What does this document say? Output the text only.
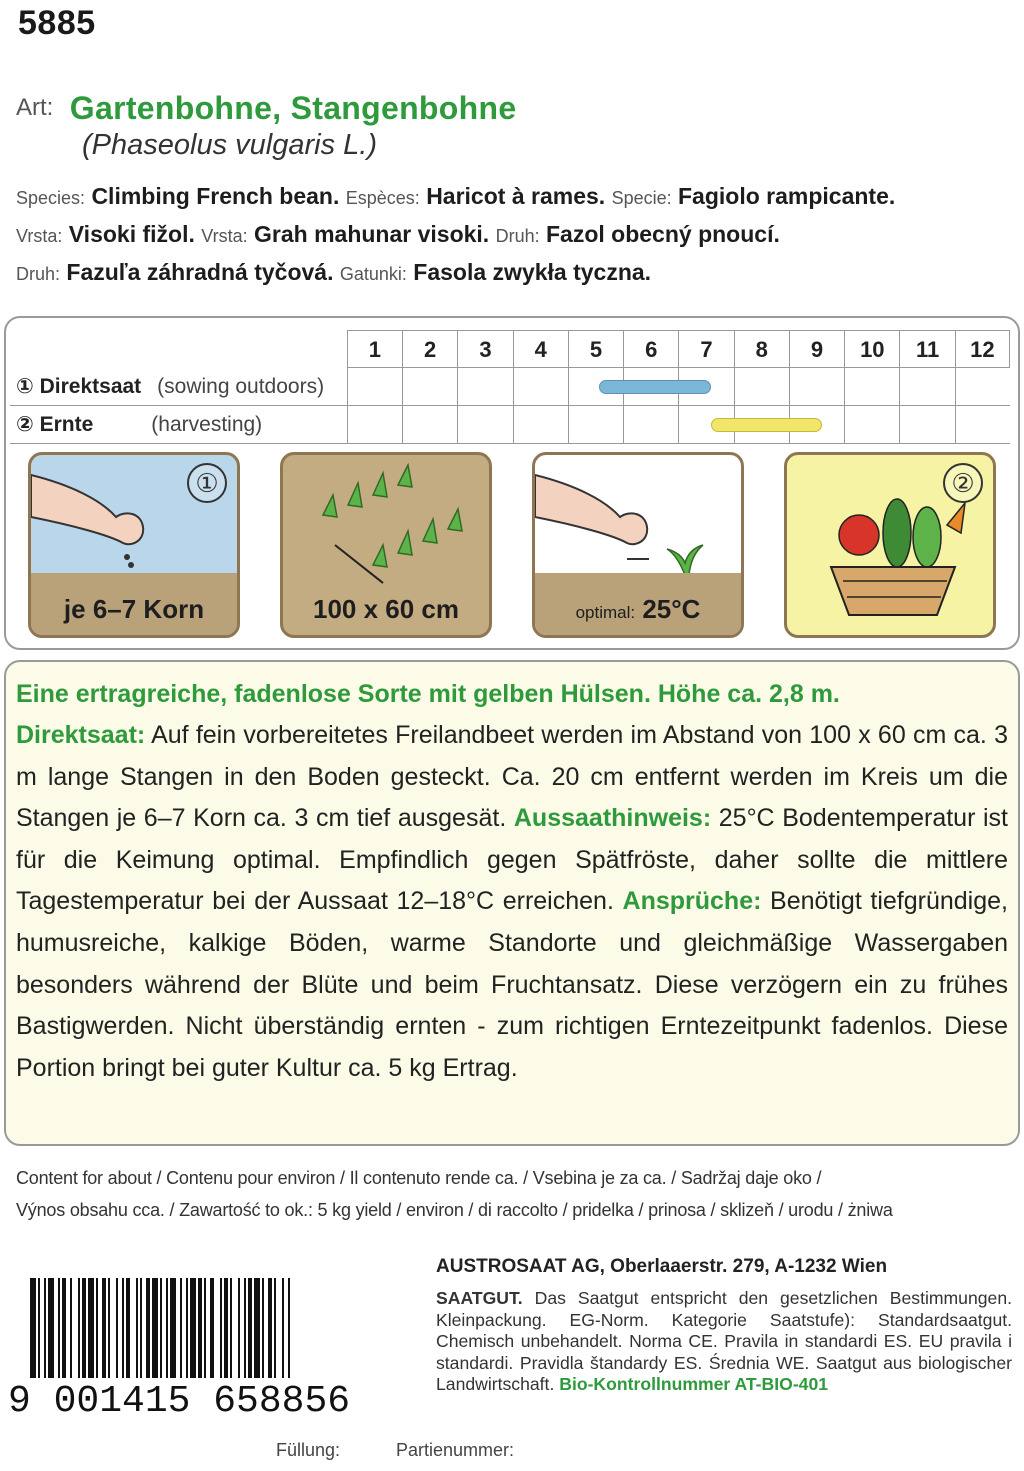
5885
Art: Gartenbohne, Stangenbohne
(Phaseolus vulgaris L.)
Species: Climbing French bean. Espèces: Haricot à rames. Specie: Fagiolo rampicante.
Vrsta: Visoki fižol. Vrsta: Grah mahunar visoki. Druh: Fazol obecný pnoucí.
Druh: Fazuľa záhradná tyčová. Gatunki: Fasola zwykła tyczna.
1	2	3	4	5	6	7	8	9	10	11	12
① Direktsaat (sowing outdoors)
② Ernte	(harvesting)
①
je 6–7 Korn	100 x 60 cm	optimal: 25°C
②
Eine ertragreiche, fadenlose Sorte mit gelben Hülsen. Höhe ca. 2,8 m.
Direktsaat: Auf fein vorbereitetes Freilandbeet werden im Abstand von 100 x 60 cm ca. 3 m lange Stangen in den Boden gesteckt. Ca. 20 cm entfernt werden im Kreis um die Stangen je 6–7 Korn ca. 3 cm tief ausgesät. Aussaathinweis: 25°C Bodentemperatur ist für die Keimung optimal. Empfindlich gegen Spätfröste, daher sollte die mittlere Tagestemperatur bei der Aussaat 12–18°C erreichen. Ansprüche: Benötigt tiefgründige, humusreiche, kalkige Böden, warme Standorte und gleichmäßige Wassergaben besonders während der Blüte und beim Fruchtansatz. Diese verzögern ein zu frühes Bastigwerden. Nicht überständig ernten - zum richtigen Erntezeitpunkt fadenlos. Diese Portion bringt bei guter Kultur ca. 5 kg Ertrag.
Content for about / Contenu pour environ / Il contenuto rende ca. / Vsebina je za ca. / Sadržaj daje oko /
Výnos obsahu cca. / Zawartość to ok.: 5 kg yield / environ / di raccolto / pridelka / prinosa / sklizeň / urodu / żniwa
9 001415 658856
AUSTROSAAT AG, Oberlaaerstr. 279, A-1232 Wien
SAATGUT. Das Saatgut entspricht den gesetzlichen Bestimmungen. Kleinpackung. EG-Norm. Kategorie Saatstufe): Standardsaatgut. Chemisch unbehandelt. Norma CE. Pravila in standardi ES. EU pravila i standardi. Pravidla štandardy ES. Średnia WE. Saatgut aus biologischer Landwirtschaft. Bio-Kontrollnummer AT-BIO-401
Füllung:	Partienummer:
